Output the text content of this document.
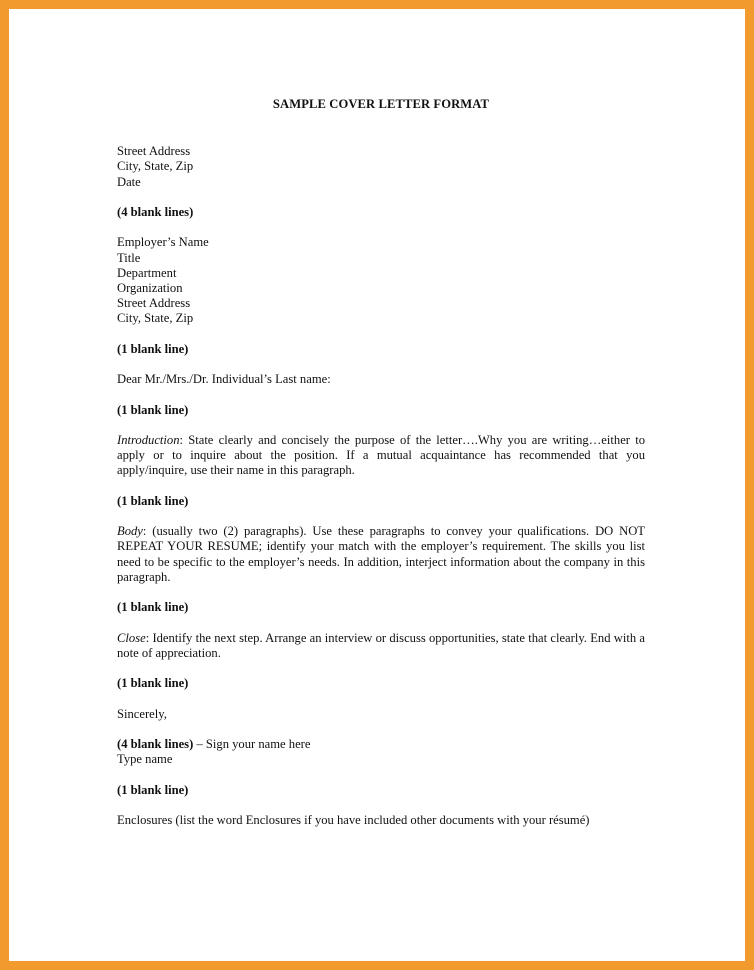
SAMPLE COVER LETTER FORMAT

Street Address
City, State, Zip
Date

(4 blank lines)

Employer’s Name
Title
Department
Organization
Street Address
City, State, Zip

(1 blank line)

Dear Mr./Mrs./Dr. Individual’s Last name:

(1 blank line)

Introduction: State clearly and concisely the purpose of the letter….Why you are writing…either to apply or to inquire about the position. If a mutual acquaintance has recommended that you apply/inquire, use their name in this paragraph.

(1 blank line)

Body: (usually two (2) paragraphs). Use these paragraphs to convey your qualifications. DO NOT REPEAT YOUR RESUME; identify your match with the employer’s requirement. The skills you list need to be specific to the employer’s needs. In addition, interject information about the company in this paragraph.

(1 blank line)

Close: Identify the next step. Arrange an interview or discuss opportunities, state that clearly. End with a note of appreciation.

(1 blank line)

Sincerely,

(4 blank lines) – Sign your name here
Type name

(1 blank line)

Enclosures (list the word Enclosures if you have included other documents with your résumé)
